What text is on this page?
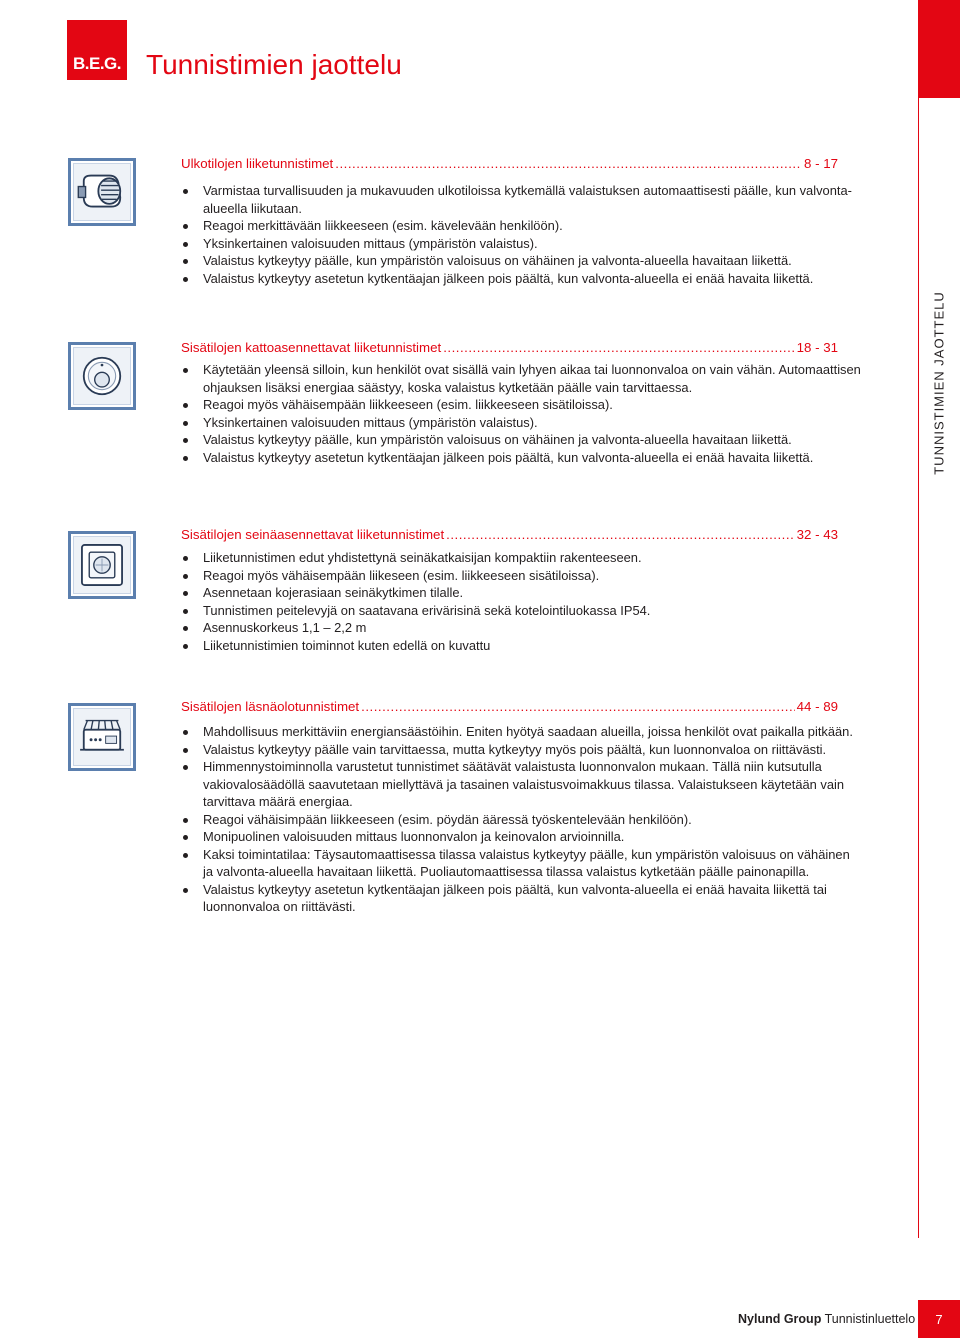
B.E.G. Tunnistimien jaottelu
TUNNISTIMIEN JAOTTELU
Ulkotilojen liiketunnistimet .....	8 - 17
Varmistaa turvallisuuden ja mukavuuden ulkotiloissa kytkemällä valaistuksen automaattisesti päälle, kun valvonta-alueella liikutaan.
Reagoi merkittävään liikkeeseen (esim. kävelevään henkilöön).
Yksinkertainen valoisuuden mittaus (ympäristön valaistus).
Valaistus kytkeytyy päälle, kun ympäristön valoisuus on vähäinen ja valvonta-alueella havaitaan liikettä.
Valaistus kytkeytyy asetetun kytkentäajan jälkeen pois päältä, kun valvonta-alueella ei enää havaita liikettä.
Sisätilojen kattoasennettavat liiketunnistimet .....	18 - 31
Käytetään yleensä silloin, kun henkilöt ovat sisällä vain lyhyen aikaa tai luonnonvaloa on vain vähän. Automaattisen ohjauksen lisäksi energiaa säästyy, koska valaistus kytketään päälle vain tarvittaessa.
Reagoi myös vähäisempään liikkeeseen (esim. liikkeeseen sisätiloissa).
Yksinkertainen valoisuuden mittaus (ympäristön valaistus).
Valaistus kytkeytyy päälle, kun ympäristön valoisuus on vähäinen ja valvonta-alueella havaitaan liikettä.
Valaistus kytkeytyy asetetun kytkentäajan jälkeen pois päältä, kun valvonta-alueella ei enää havaita liikettä.
Sisätilojen seinäasennettavat liiketunnistimet .....	32 - 43
Liiketunnistimen edut yhdistettynä seinäkatkaisijan kompaktiin rakenteeseen.
Reagoi myös vähäisempään liikeseen (esim. liikkeeseen sisätiloissa).
Asennetaan kojerasiaan seinäkytkimen tilalle.
Tunnistimen peitelevyjä on saatavana erivärisinä sekä kotelointiluokassa IP54.
Asennuskorkeus 1,1 – 2,2 m
Liiketunnistimien toiminnot kuten edellä on kuvattu
Sisätilojen läsnäolotunnistimet .....	44 - 89
Mahdollisuus merkittäviin energiansäästöihin. Eniten hyötyä saadaan alueilla, joissa henkilöt ovat paikalla pitkään.
Valaistus kytkeytyy päälle vain tarvittaessa, mutta kytkeytyy myös pois päältä, kun luonnonvaloa on riittävästi.
Himmennystoiminnolla varustetut tunnistimet säätävät valaistusta luonnonvalon mukaan. Tällä niin kutsutulla vakiovalosäädöllä saavutetaan miellyttävä ja tasainen valaistusvoimakkuus tilassa. Valaistukseen käytetään vain tarvittava määrä energiaa.
Reagoi vähäisimpään liikkeeseen (esim. pöydän ääressä työskentelevään henkilöön).
Monipuolinen valoisuuden mittaus luonnonvalon ja keinovalon arvioinnilla.
Kaksi toimintatilaa: Täysautomaattisessa tilassa valaistus kytkeytyy päälle, kun ympäristön valoisuus on vähäinen ja valvonta-alueella havaitaan liikettä. Puoliautomaattisessa tilassa valaistus kytketään päälle painonapilla.
Valaistus kytkeytyy asetetun kytkentäajan jälkeen pois päältä, kun valvonta-alueella ei enää havaita liikettä tai luonnonvaloa on riittävästi.
Nylund Group Tunnistinluettelo	7
